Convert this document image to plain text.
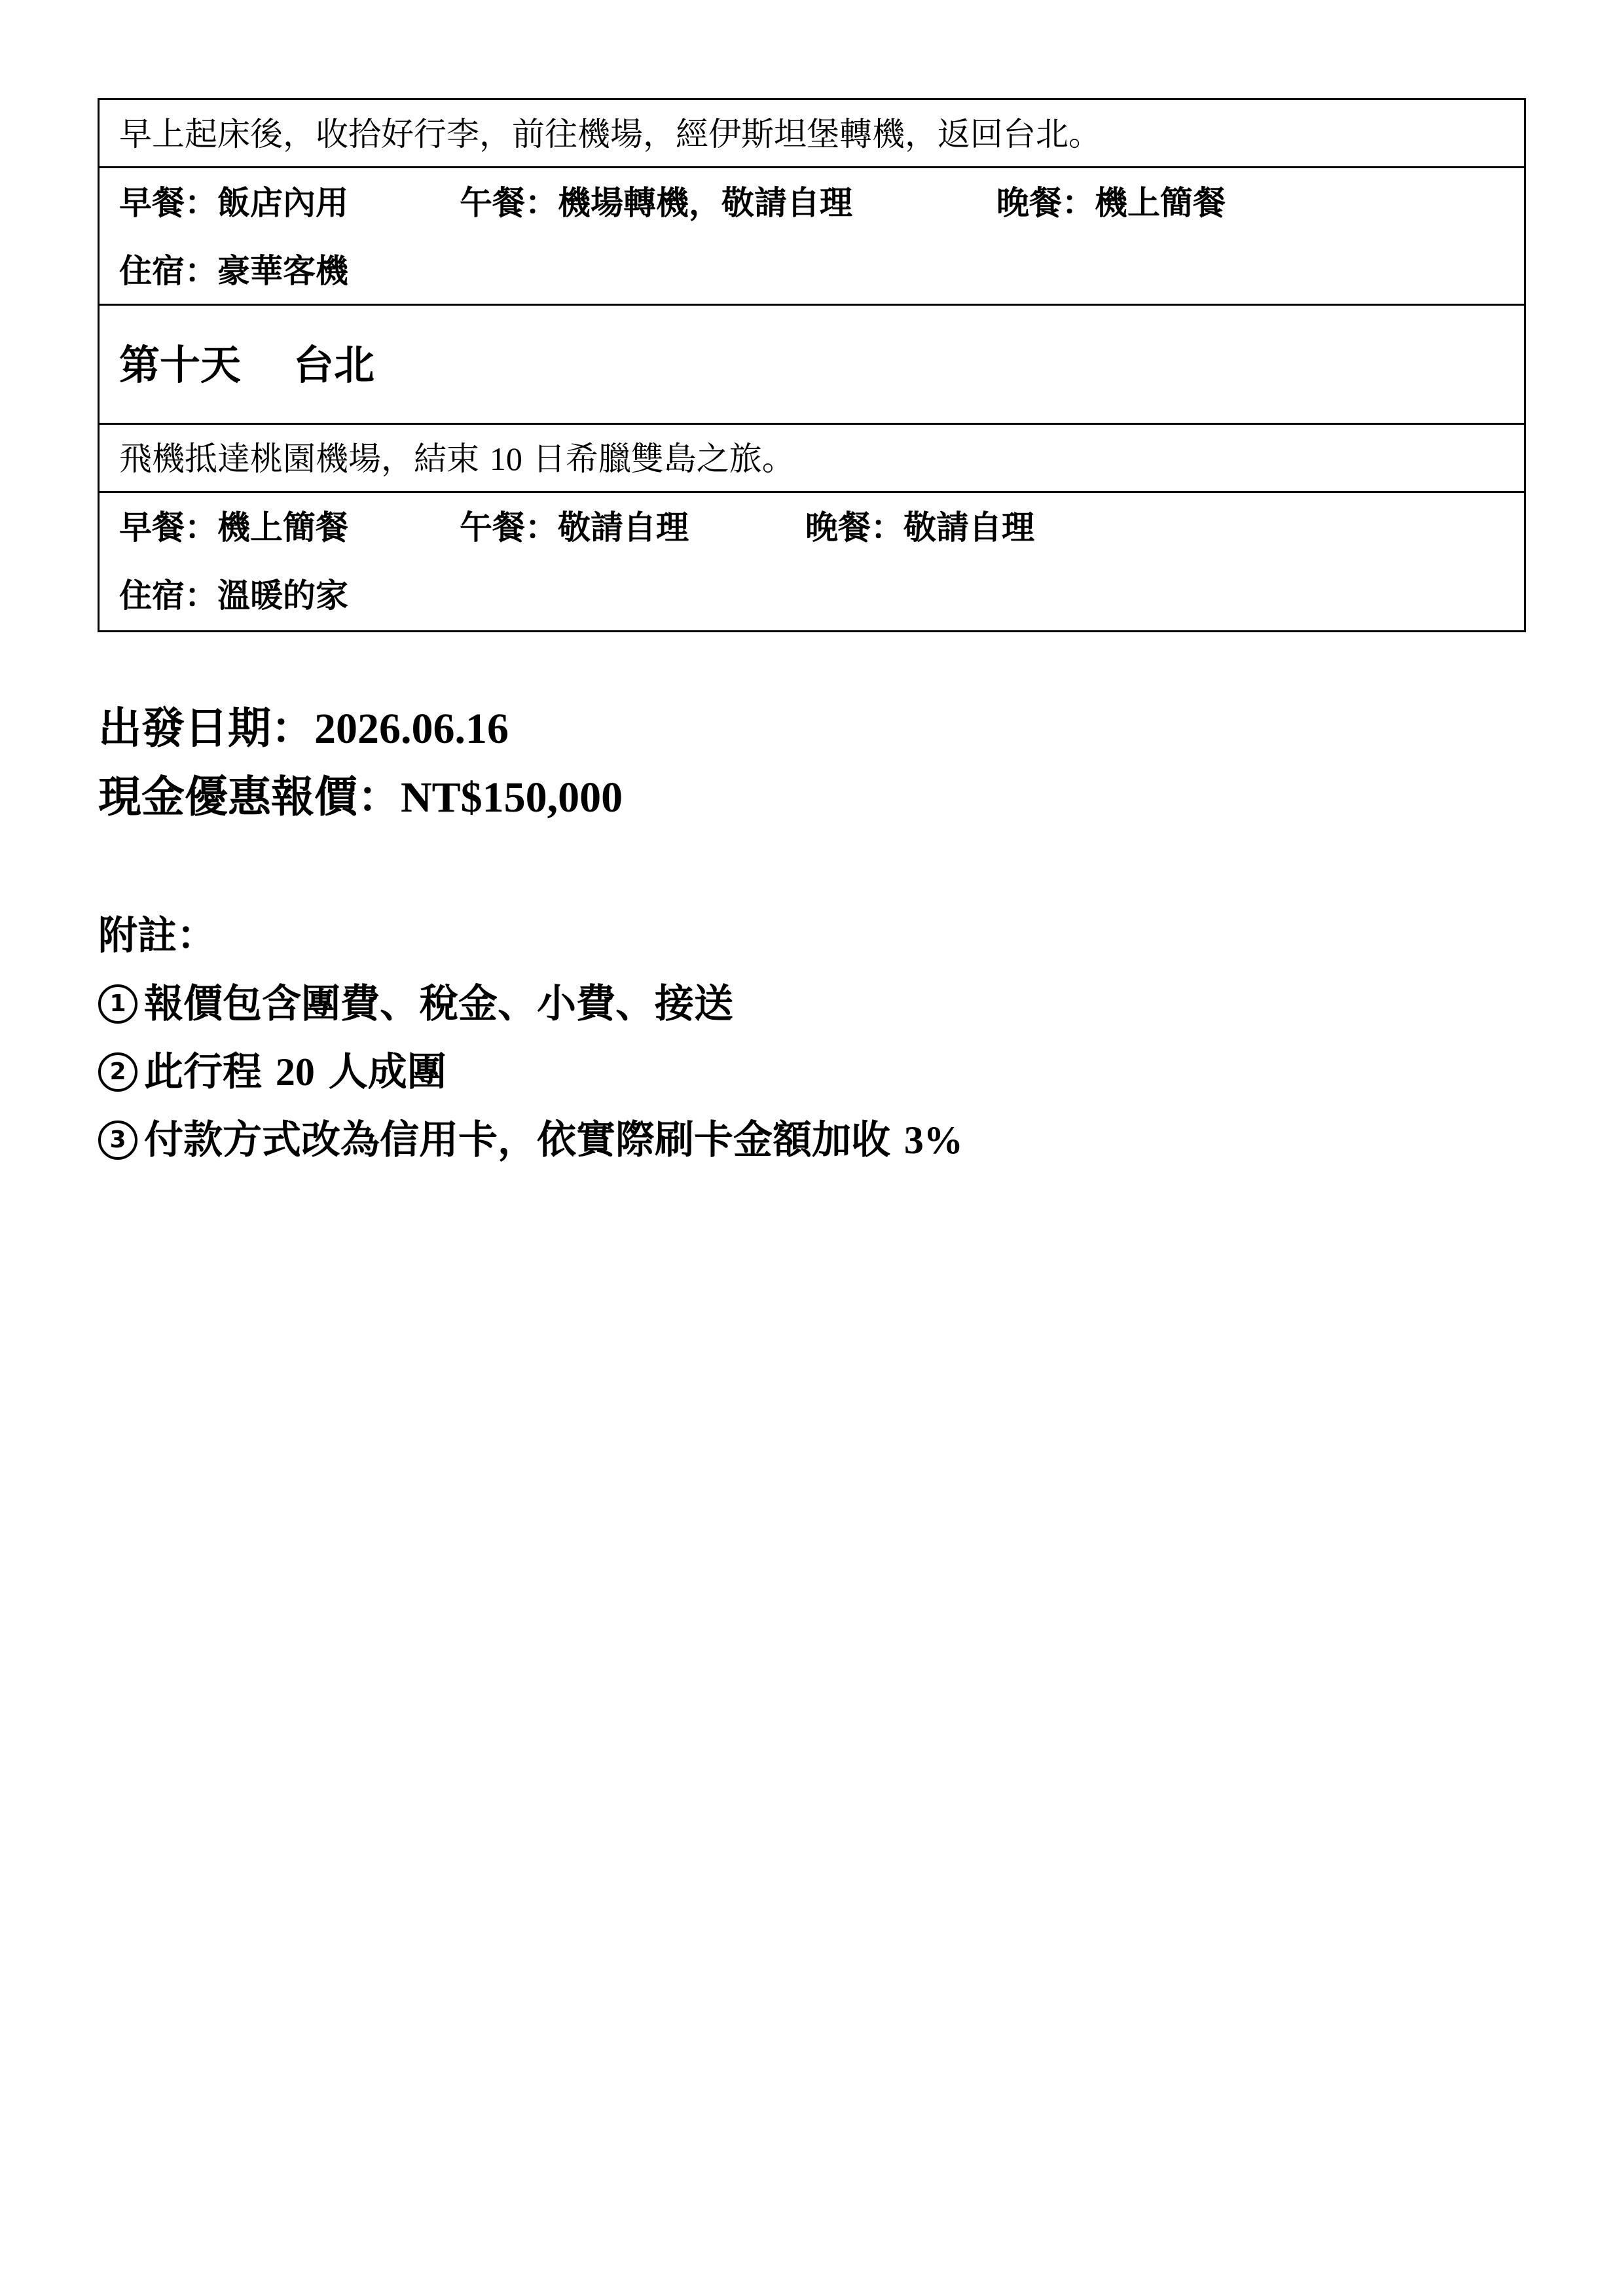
早上起床後，收拾好行李，前往機場，經伊斯坦堡轉機，返回台北。
早餐：飯店內用	午餐：機場轉機，敬請自理	晚餐：機上簡餐
住宿：豪華客機
第十天 台北
飛機抵達桃園機場，結束 10 日希臘雙島之旅。
早餐：機上簡餐	午餐：敬請自理	晚餐：敬請自理
住宿：溫暖的家
出發日期：2026.06.16
現金優惠報價：NT$150,000
附註：
1 報價包含團費、稅金、小費、接送
2 此行程 20 人成團
3 付款方式改為信用卡，依實際刷卡金額加收 3%
